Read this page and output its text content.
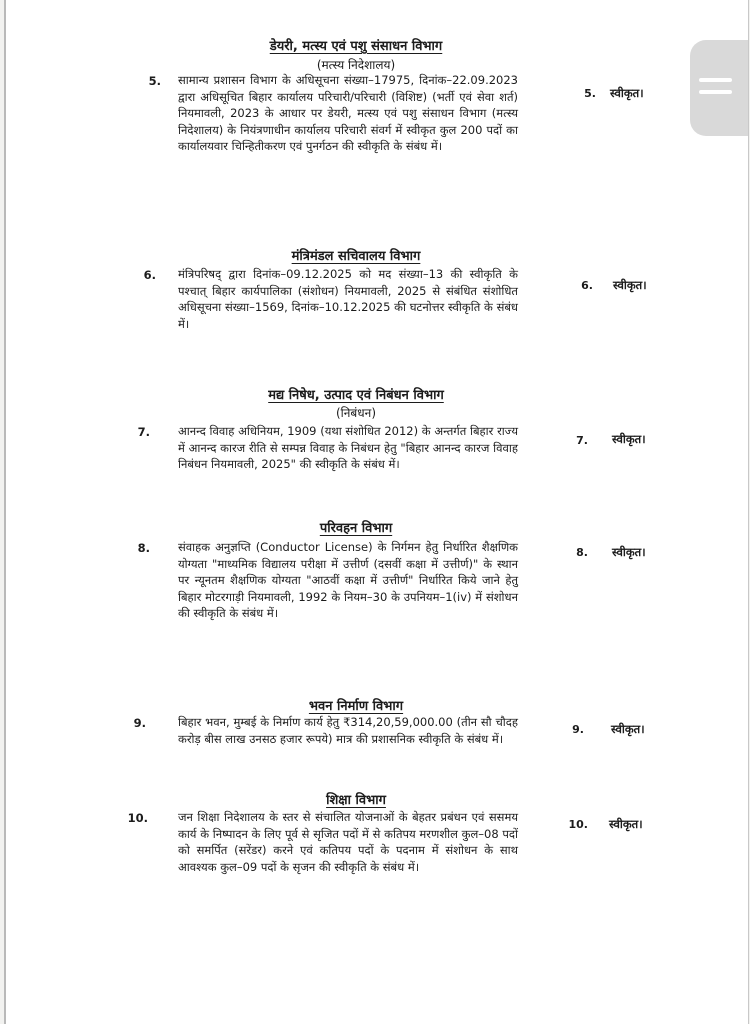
डेयरी, मत्स्य एवं पशु संसाधन विभाग
(मत्स्य निदेशालय)
5. सामान्य प्रशासन विभाग के अधिसूचना संख्या–17975, दिनांक–22.09.2023 द्वारा अधिसूचित बिहार कार्यालय परिचारी/परिचारी (विशिष्ट) (भर्ती एवं सेवा शर्त) नियमावली, 2023 के आधार पर डेयरी, मत्स्य एवं पशु संसाधन विभाग (मत्स्य निदेशालय) के नियंत्रणाधीन कार्यालय परिचारी संवर्ग में स्वीकृत कुल 200 पदों का कार्यालयवार चिन्हितीकरण एवं पुनर्गठन की स्वीकृति के संबंध में।
5. स्वीकृत।
मंत्रिमंडल सचिवालय विभाग
6. मंत्रिपरिषद् द्वारा दिनांक–09.12.2025 को मद संख्या–13 की स्वीकृति के पश्चात् बिहार कार्यपालिका (संशोधन) नियमावली, 2025 से संबंधित संशोधित अधिसूचना संख्या–1569, दिनांक–10.12.2025 की घटनोत्तर स्वीकृति के संबंध में।
6. स्वीकृत।
मद्य निषेध, उत्पाद एवं निबंधन विभाग
(निबंधन)
7. आनन्द विवाह अधिनियम, 1909 (यथा संशोधित 2012) के अन्तर्गत बिहार राज्य में आनन्द कारज रीति से सम्पन्न विवाह के निबंधन हेतु "बिहार आनन्द कारज विवाह निबंधन नियमावली, 2025" की स्वीकृति के संबंध में।
7. स्वीकृत।
परिवहन विभाग
8. संवाहक अनुज्ञप्ति (Conductor License) के निर्गमन हेतु निर्धारित शैक्षणिक योग्यता "माध्यमिक विद्यालय परीक्षा में उत्तीर्ण (दसवीं कक्षा में उत्तीर्ण)" के स्थान पर न्यूनतम शैक्षणिक योग्यता "आठवीं कक्षा में उत्तीर्ण" निर्धारित किये जाने हेतु बिहार मोटरगाड़ी नियमावली, 1992 के नियम–30 के उपनियम–1(iv) में संशोधन की स्वीकृति के संबंध में।
8. स्वीकृत।
भवन निर्माण विभाग
9.	बिहार भवन, मुम्बई के निर्माण कार्य हेतु ₹314,20,59,000.00 (तीन सौ चौदह करोड़ बीस लाख उनसठ हजार रूपये) मात्र की प्रशासनिक स्वीकृति के संबंध में।
9. स्वीकृत।
शिक्षा विभाग
10.	जन शिक्षा निदेशालय के स्तर से संचालित योजनाओं के बेहतर प्रबंधन एवं ससमय कार्य के निष्पादन के लिए पूर्व से सृजित पदों में से कतिपय मरणशील कुल–08 पदों को समर्पित (सरेंडर) करने एवं कतिपय पदों के पदनाम में संशोधन के साथ आवश्यक कुल–09 पदों के सृजन की स्वीकृति के संबंध में।
10. स्वीकृत।
